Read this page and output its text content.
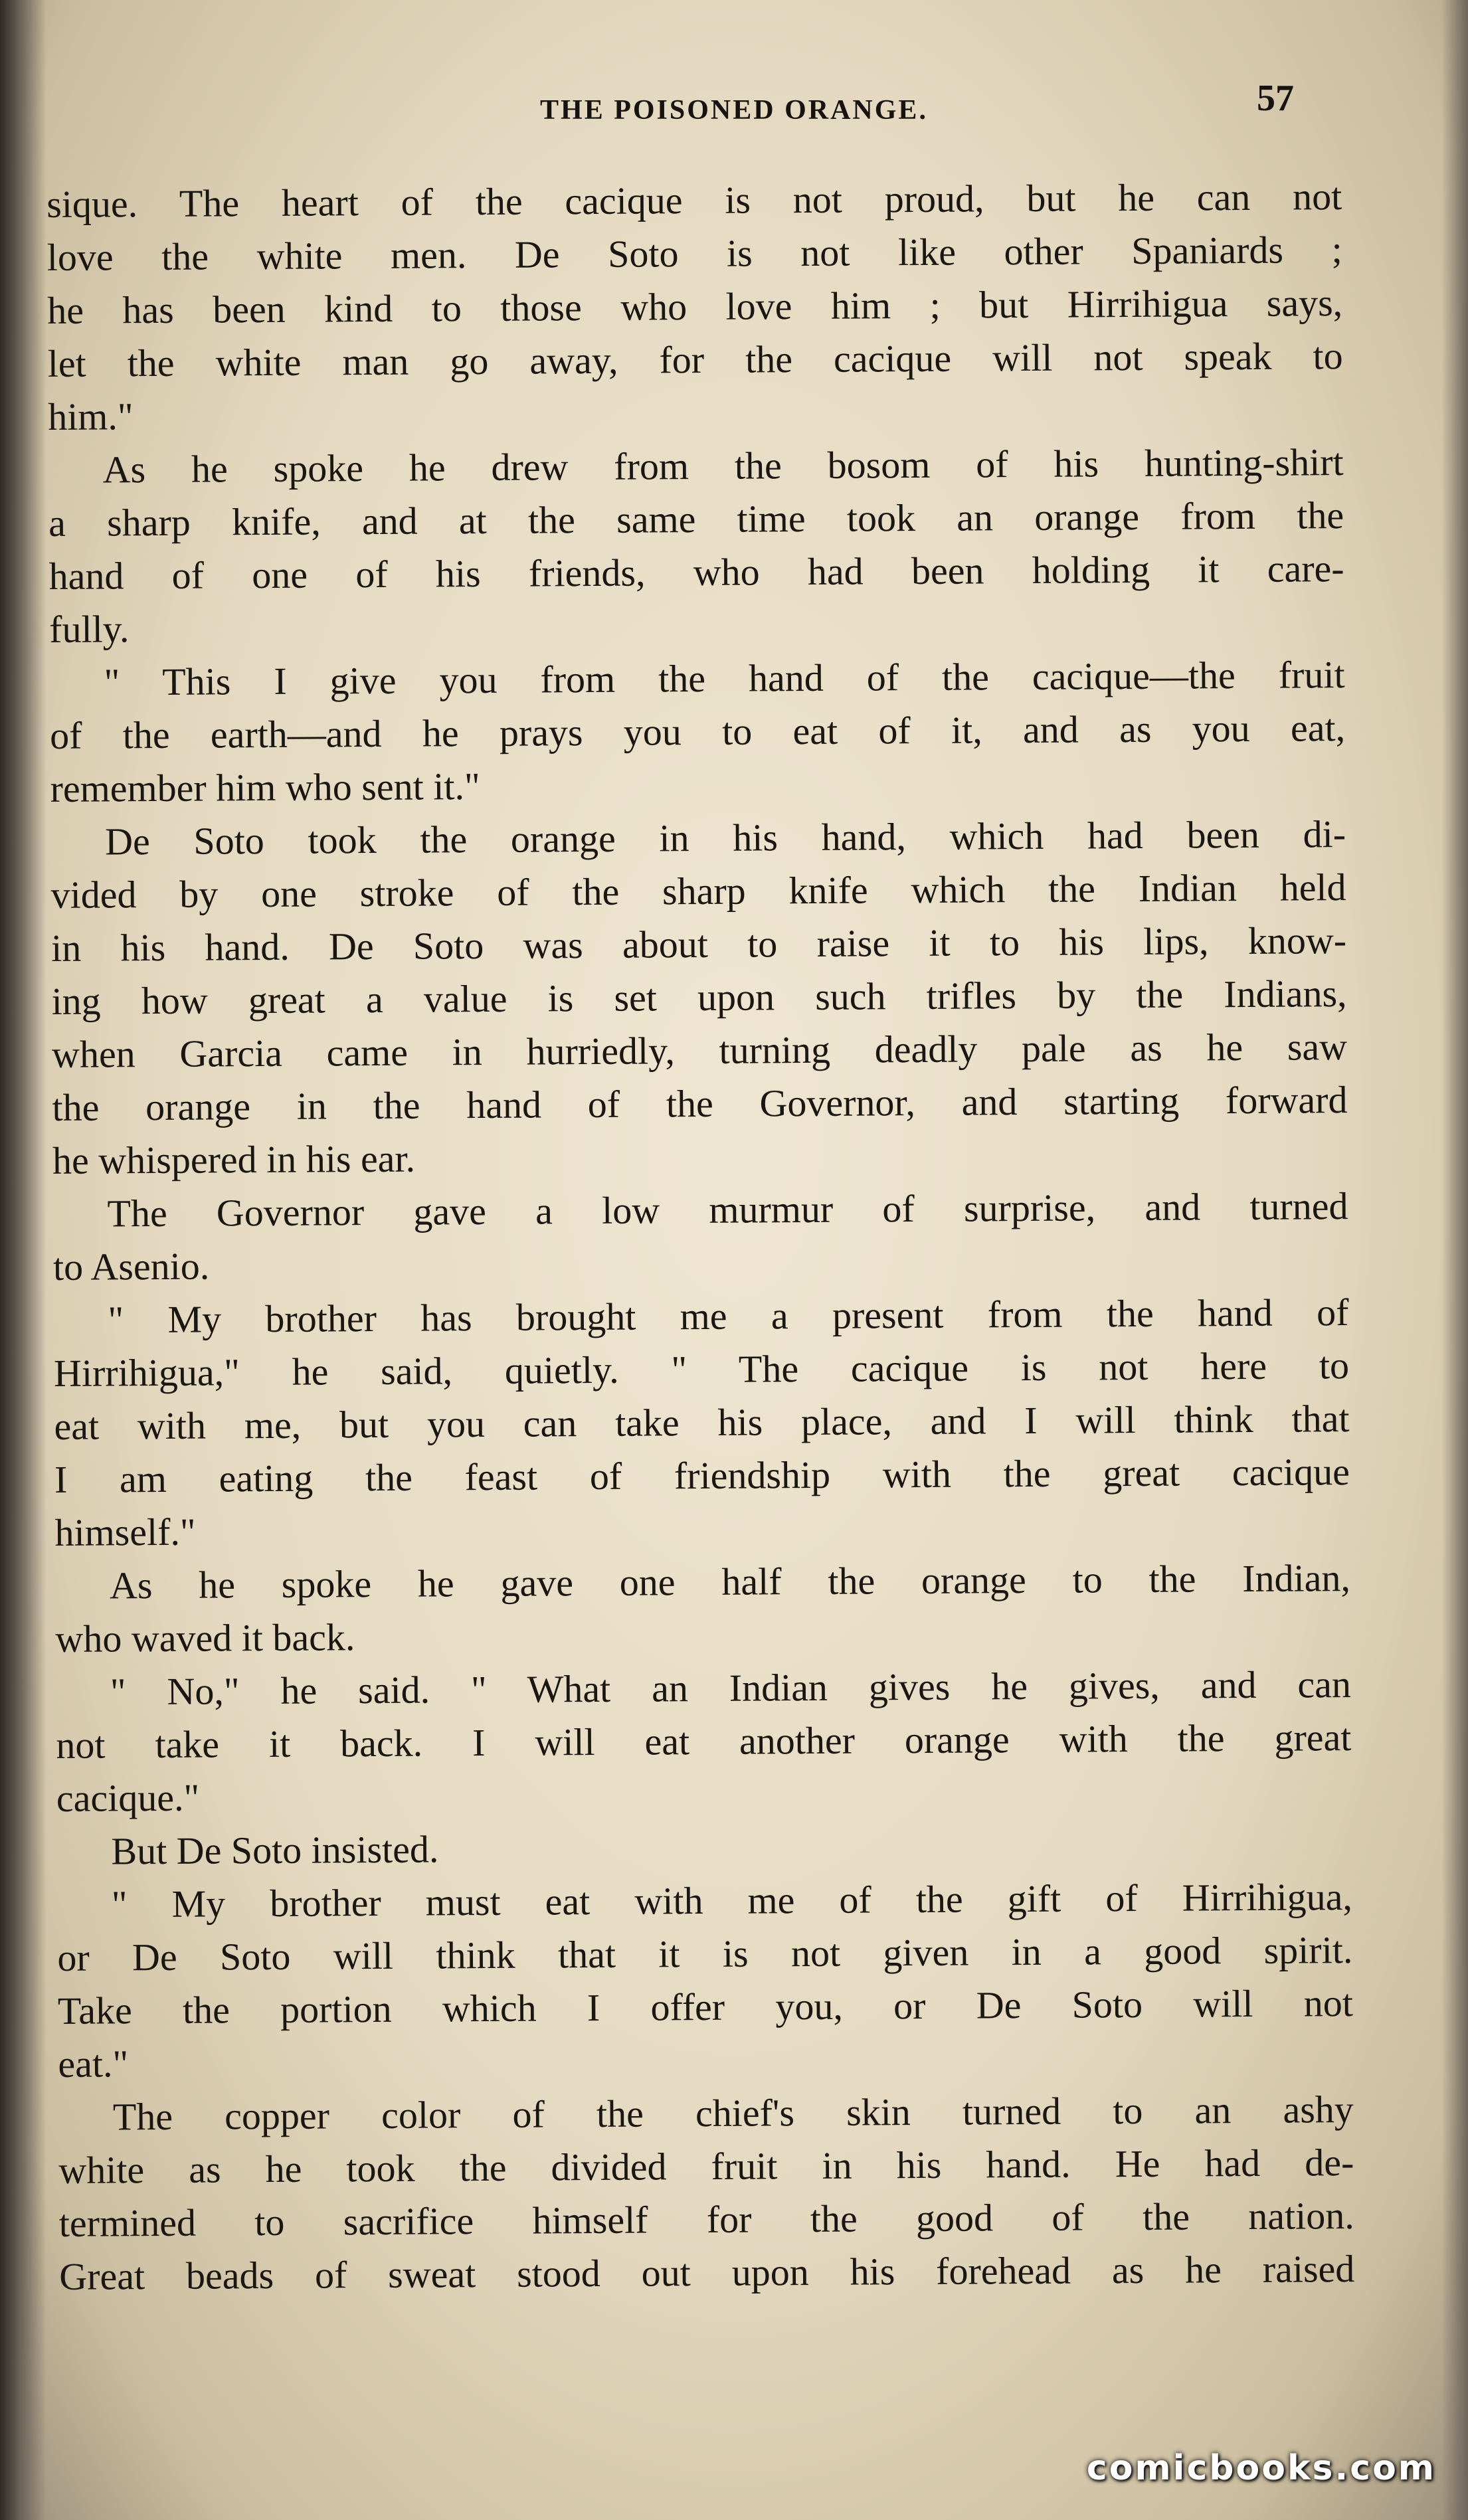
THE POISONED ORANGE.	57
sique. The heart of the cacique is not proud, but he can not
love the white men. De Soto is not like other Spaniards ;
he has been kind to those who love him ; but Hirrihigua says,
let the white man go away, for the cacique will not speak to
him."
As he spoke he drew from the bosom of his hunting-shirt
a sharp knife, and at the same time took an orange from the
hand of one of his friends, who had been holding it care-
fully.
" This I give you from the hand of the cacique—the fruit
of the earth—and he prays you to eat of it, and as you eat,
remember him who sent it."
De Soto took the orange in his hand, which had been di-
vided by one stroke of the sharp knife which the Indian held
in his hand. De Soto was about to raise it to his lips, know-
ing how great a value is set upon such trifles by the Indians,
when Garcia came in hurriedly, turning deadly pale as he saw
the orange in the hand of the Governor, and starting forward
he whispered in his ear.
The Governor gave a low murmur of surprise, and turned
to Asenio.
" My brother has brought me a present from the hand of
Hirrihigua," he said, quietly. " The cacique is not here to
eat with me, but you can take his place, and I will think that
I am eating the feast of friendship with the great cacique
himself."
As he spoke he gave one half the orange to the Indian,
who waved it back.
" No," he said. " What an Indian gives he gives, and can
not take it back. I will eat another orange with the great
cacique."
But De Soto insisted.
" My brother must eat with me of the gift of Hirrihigua,
or De Soto will think that it is not given in a good spirit.
Take the portion which I offer you, or De Soto will not
eat."
The copper color of the chief's skin turned to an ashy
white as he took the divided fruit in his hand. He had de-
termined to sacrifice himself for the good of the nation.
Great beads of sweat stood out upon his forehead as he raised
comicbooks.com
